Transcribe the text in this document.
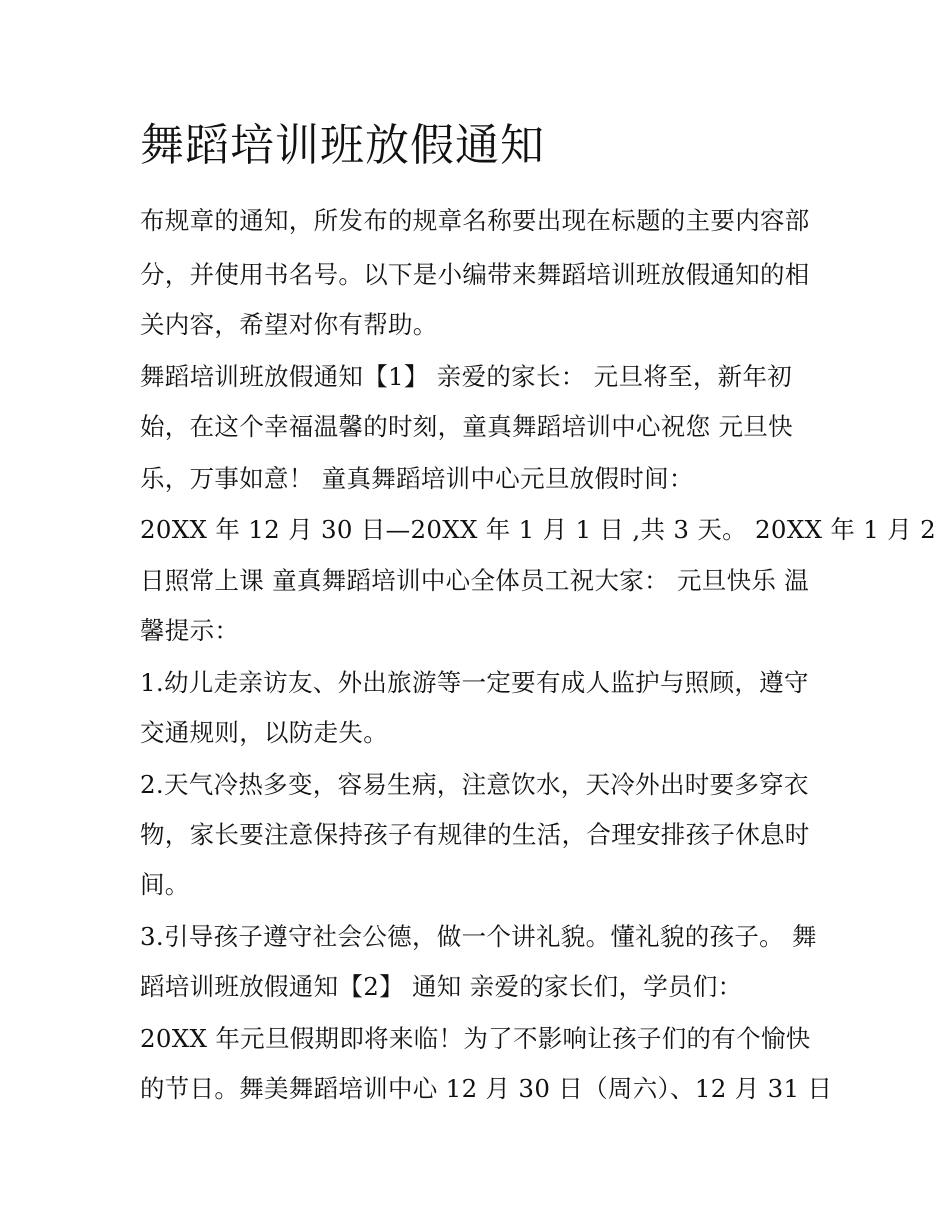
舞蹈培训班放假通知

布规章的通知，所发布的规章名称要出现在标题的主要内容部

分，并使用书名号。以下是小编带来舞蹈培训班放假通知的相

关内容，希望对你有帮助。

舞蹈培训班放假通知【1】 亲爱的家长： 元旦将至，新年初

始，在这个幸福温馨的时刻，童真舞蹈培训中心祝您 元旦快

乐，万事如意！ 童真舞蹈培训中心元旦放假时间：

20XX 年 12 月 30 日—20XX 年 1 月 1 日 ,共 3 天。 20XX 年 1 月 2

日照常上课 童真舞蹈培训中心全体员工祝大家： 元旦快乐 温

馨提示：

1.幼儿走亲访友、外出旅游等一定要有成人监护与照顾，遵守

交通规则，以防走失。

2.天气冷热多变，容易生病，注意饮水，天冷外出时要多穿衣

物，家长要注意保持孩子有规律的生活，合理安排孩子休息时

间。

3.引导孩子遵守社会公德，做一个讲礼貌。懂礼貌的孩子。 舞

蹈培训班放假通知【2】 通知 亲爱的家长们，学员们：

20XX 年元旦假期即将来临！为了不影响让孩子们的有个愉快

的节日。舞美舞蹈培训中心 12 月 30 日（周六）、12 月 31 日
